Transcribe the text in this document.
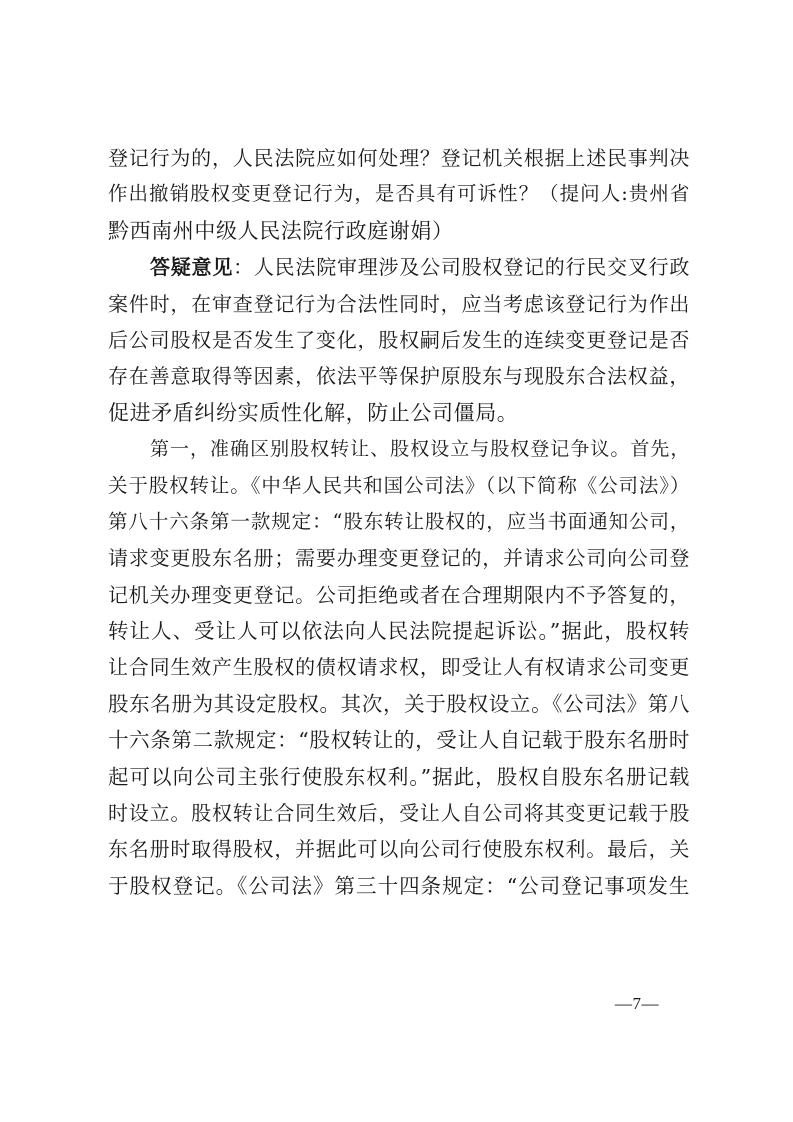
登记行为的，人民法院应如何处理？登记机关根据上述民事判决
作出撤销股权变更登记行为，是否具有可诉性？（提问人:贵州省
黔西南州中级人民法院行政庭谢娟）
答疑意见：人民法院审理涉及公司股权登记的行民交叉行政
案件时，在审查登记行为合法性同时，应当考虑该登记行为作出
后公司股权是否发生了变化，股权嗣后发生的连续变更登记是否
存在善意取得等因素，依法平等保护原股东与现股东合法权益，
促进矛盾纠纷实质性化解，防止公司僵局。
第一，准确区别股权转让、股权设立与股权登记争议。首先，
关于股权转让。《中华人民共和国公司法》（以下简称《公司法》）
第八十六条第一款规定：“股东转让股权的，应当书面通知公司，
请求变更股东名册；需要办理变更登记的，并请求公司向公司登
记机关办理变更登记。公司拒绝或者在合理期限内不予答复的，
转让人、受让人可以依法向人民法院提起诉讼。”据此，股权转
让合同生效产生股权的债权请求权，即受让人有权请求公司变更
股东名册为其设定股权。其次，关于股权设立。《公司法》第八
十六条第二款规定：“股权转让的，受让人自记载于股东名册时
起可以向公司主张行使股东权利。”据此，股权自股东名册记载
时设立。股权转让合同生效后，受让人自公司将其变更记载于股
东名册时取得股权，并据此可以向公司行使股东权利。最后，关
于股权登记。《公司法》第三十四条规定：“公司登记事项发生
—7—
